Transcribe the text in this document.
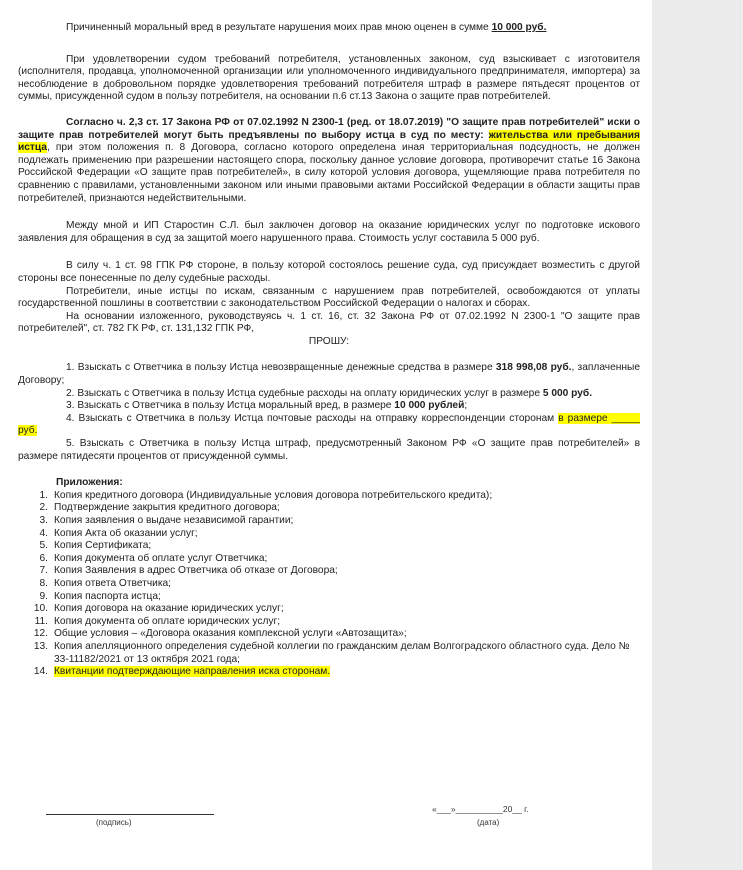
Причиненный моральный вред в результате нарушения моих прав мною оценен в сумме 10 000 руб.

При удовлетворении судом требований потребителя, установленных законом, суд взыскивает с изготовителя (исполнителя, продавца, уполномоченной организации или уполномоченного индивидуального предпринимателя, импортера) за несоблюдение в добровольном порядке удовлетворения требований потребителя штраф в размере пятьдесят процентов от суммы, присужденной судом в пользу потребителя, на основании п.6 ст.13 Закона о защите прав потребителей.

Согласно ч. 2,3 ст. 17 Закона РФ от 07.02.1992 N 2300-1 (ред. от 18.07.2019) "О защите прав потребителей" иски о защите прав потребителей могут быть предъявлены по выбору истца в суд по месту: жительства или пребывания истца, при этом положения п. 8 Договора, согласно которого определена иная территориальная подсудность, не должен подлежать применению при разрешении настоящего спора, поскольку данное условие договора, противоречит статье 16 Закона Российской Федерации «О защите прав потребителей», в силу которой условия договора, ущемляющие права потребителя по сравнению с правилами, установленными законом или иными правовыми актами Российской Федерации в области защиты прав потребителей, признаются недействительными.

Между мной и ИП Старостин С.Л. был заключен договор на оказание юридических услуг по подготовке искового заявления для обращения в суд за защитой моего нарушенного права. Стоимость услуг составила 5 000 руб.

В силу ч. 1 ст. 98 ГПК РФ стороне, в пользу которой состоялось решение суда, суд присуждает возместить с другой стороны все понесенные по делу судебные расходы.

Потребители, иные истцы по искам, связанным с нарушением прав потребителей, освобождаются от уплаты государственной пошлины в соответствии с законодательством Российской Федерации о налогах и сборах.

На основании изложенного, руководствуясь ч. 1 ст. 16, ст. 32 Закона РФ от 07.02.1992 N 2300-1 "О защите прав потребителей", ст. 782 ГК РФ, ст. 131,132 ГПК РФ,

ПРОШУ:

1. Взыскать с Ответчика в пользу Истца невозвращенные денежные средства в размере 318 998,08 руб., заплаченные Договору;

2. Взыскать с Ответчика в пользу Истца судебные расходы на оплату юридических услуг в размере 5 000 руб.

3. Взыскать с Ответчика в пользу Истца моральный вред, в размере 10 000 рублей;

4. Взыскать с Ответчика в пользу Истца почтовые расходы на отправку корреспонденции сторонам в размере _____ руб.

5. Взыскать с Ответчика в пользу Истца штраф, предусмотренный Законом РФ «О защите прав потребителей» в размере пятидесяти процентов от присужденной суммы.

Приложения:

1. Копия кредитного договора (Индивидуальные условия договора потребительского кредита);
2. Подтверждение закрытия кредитного договора;
3. Копия заявления о выдаче независимой гарантии;
4. Копия Акта об оказании услуг;
5. Копия Сертификата;
6. Копия документа об оплате услуг Ответчика;
7. Копия Заявления в адрес Ответчика об отказе от Договора;
8. Копия ответа Ответчика;
9. Копия паспорта истца;
10. Копия договора на оказание юридических услуг;
11. Копия документа об оплате юридических услуг;
12. Общие условия – «Договора оказания комплексной услуги «Автозащита»;
13. Копия апелляционного определения судебной коллегии по гражданским делам Волгоградского областного суда. Дело № 33-11182/2021 от 13 октября 2021 года;
14. Квитанции подтверждающие направления иска сторонам.
(подпись)
«___»__________20__ г.
(дата)
